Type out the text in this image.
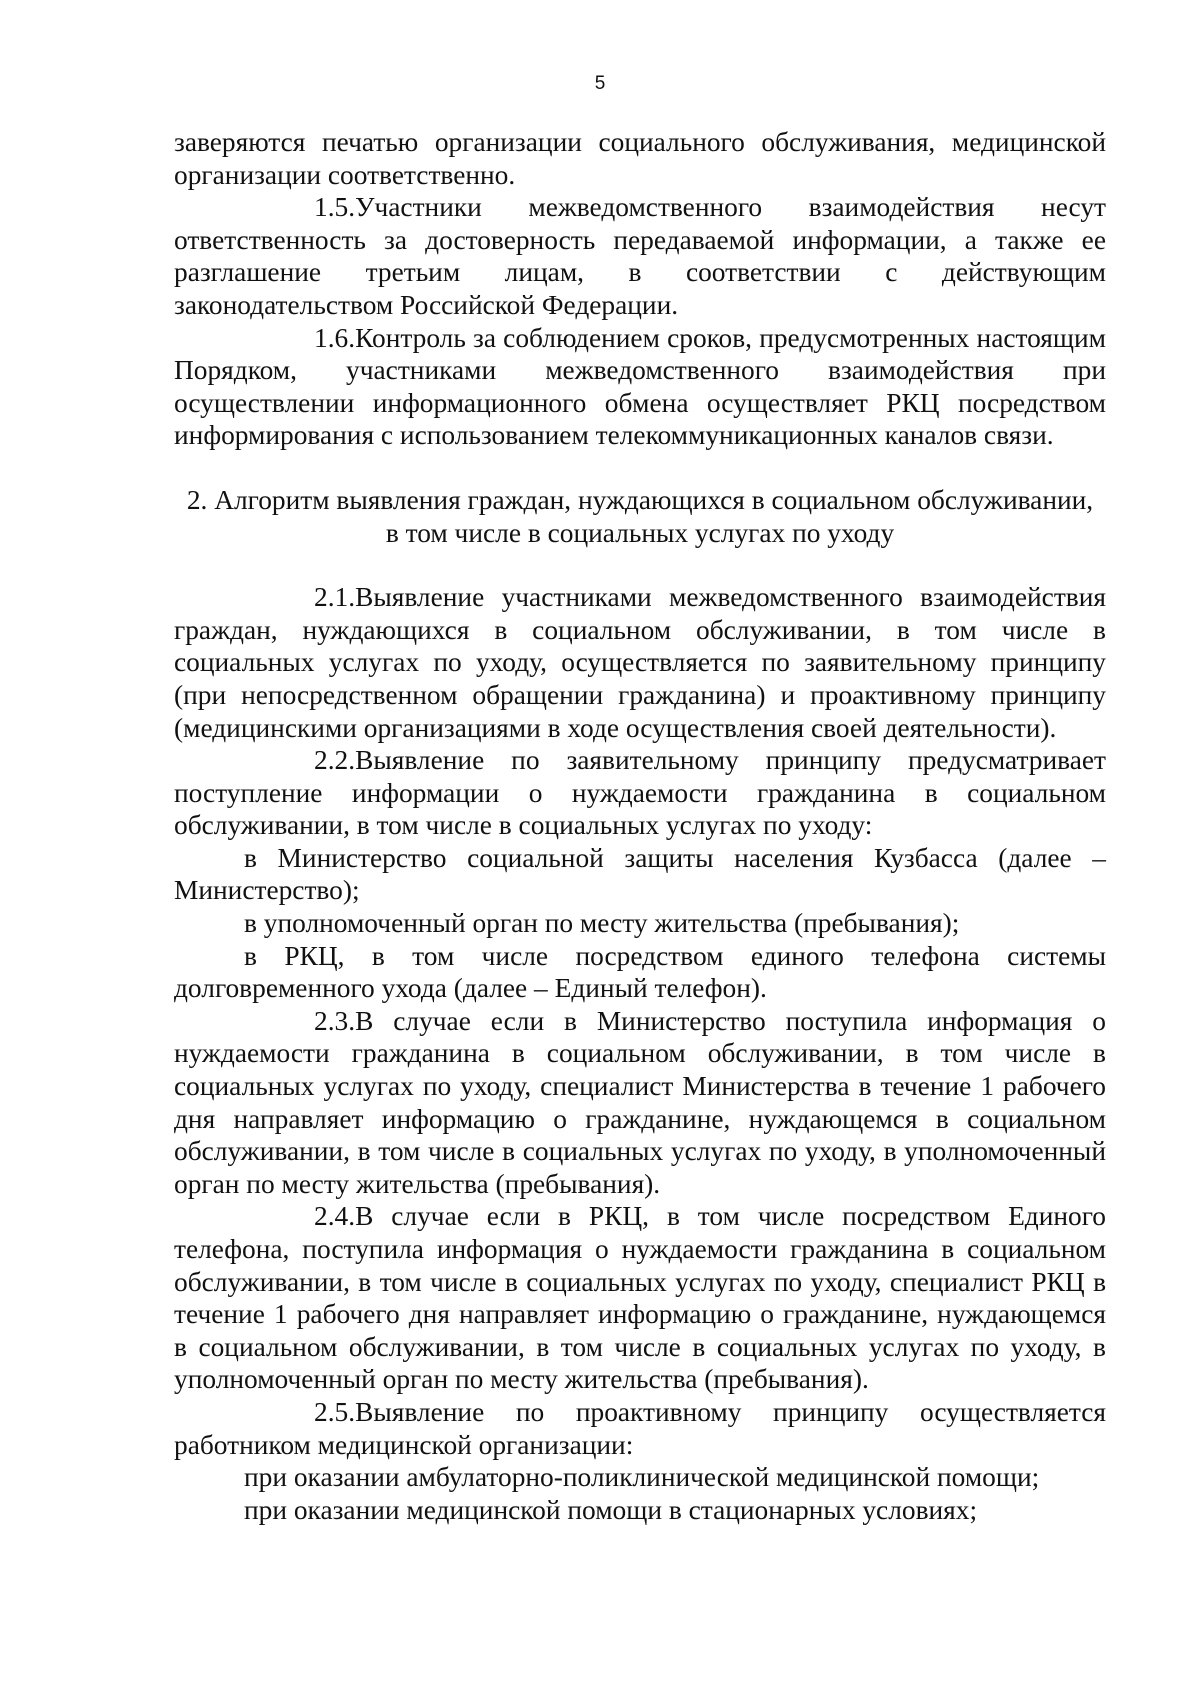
5

заверяются печатью организации социального обслуживания, медицинской организации соответственно.

1.5.Участники межведомственного взаимодействия несут ответственность за достоверность передаваемой информации, а также ее разглашение третьим лицам, в соответствии с действующим законодательством Российской Федерации.

1.6.Контроль за соблюдением сроков, предусмотренных настоящим Порядком, участниками межведомственного взаимодействия при осуществлении информационного обмена осуществляет РКЦ посредством информирования с использованием телекоммуникационных каналов связи.

2. Алгоритм выявления граждан, нуждающихся в социальном обслуживании,
в том числе в социальных услугах по уходу

2.1.Выявление участниками межведомственного взаимодействия граждан, нуждающихся в социальном обслуживании, в том числе в социальных услугах по уходу, осуществляется по заявительному принципу (при непосредственном обращении гражданина) и проактивному принципу (медицинскими организациями в ходе осуществления своей деятельности).

2.2.Выявление по заявительному принципу предусматривает поступление информации о нуждаемости гражданина в социальном обслуживании, в том числе в социальных услугах по уходу:

в Министерство социальной защиты населения Кузбасса (далее – Министерство);

в уполномоченный орган по месту жительства (пребывания);

в РКЦ, в том числе посредством единого телефона системы долговременного ухода (далее – Единый телефон).

2.3.В случае если в Министерство поступила информация о нуждаемости гражданина в социальном обслуживании, в том числе в социальных услугах по уходу, специалист Министерства в течение 1 рабочего дня направляет информацию о гражданине, нуждающемся в социальном обслуживании, в том числе в социальных услугах по уходу, в уполномоченный орган по месту жительства (пребывания).

2.4.В случае если в РКЦ, в том числе посредством Единого телефона, поступила информация о нуждаемости гражданина в социальном обслуживании, в том числе в социальных услугах по уходу, специалист РКЦ в течение 1 рабочего дня направляет информацию о гражданине, нуждающемся в социальном обслуживании, в том числе в социальных услугах по уходу, в уполномоченный орган по месту жительства (пребывания).

2.5.Выявление по проактивному принципу осуществляется работником медицинской организации:

при оказании амбулаторно-поликлинической медицинской помощи;

при оказании медицинской помощи в стационарных условиях;
